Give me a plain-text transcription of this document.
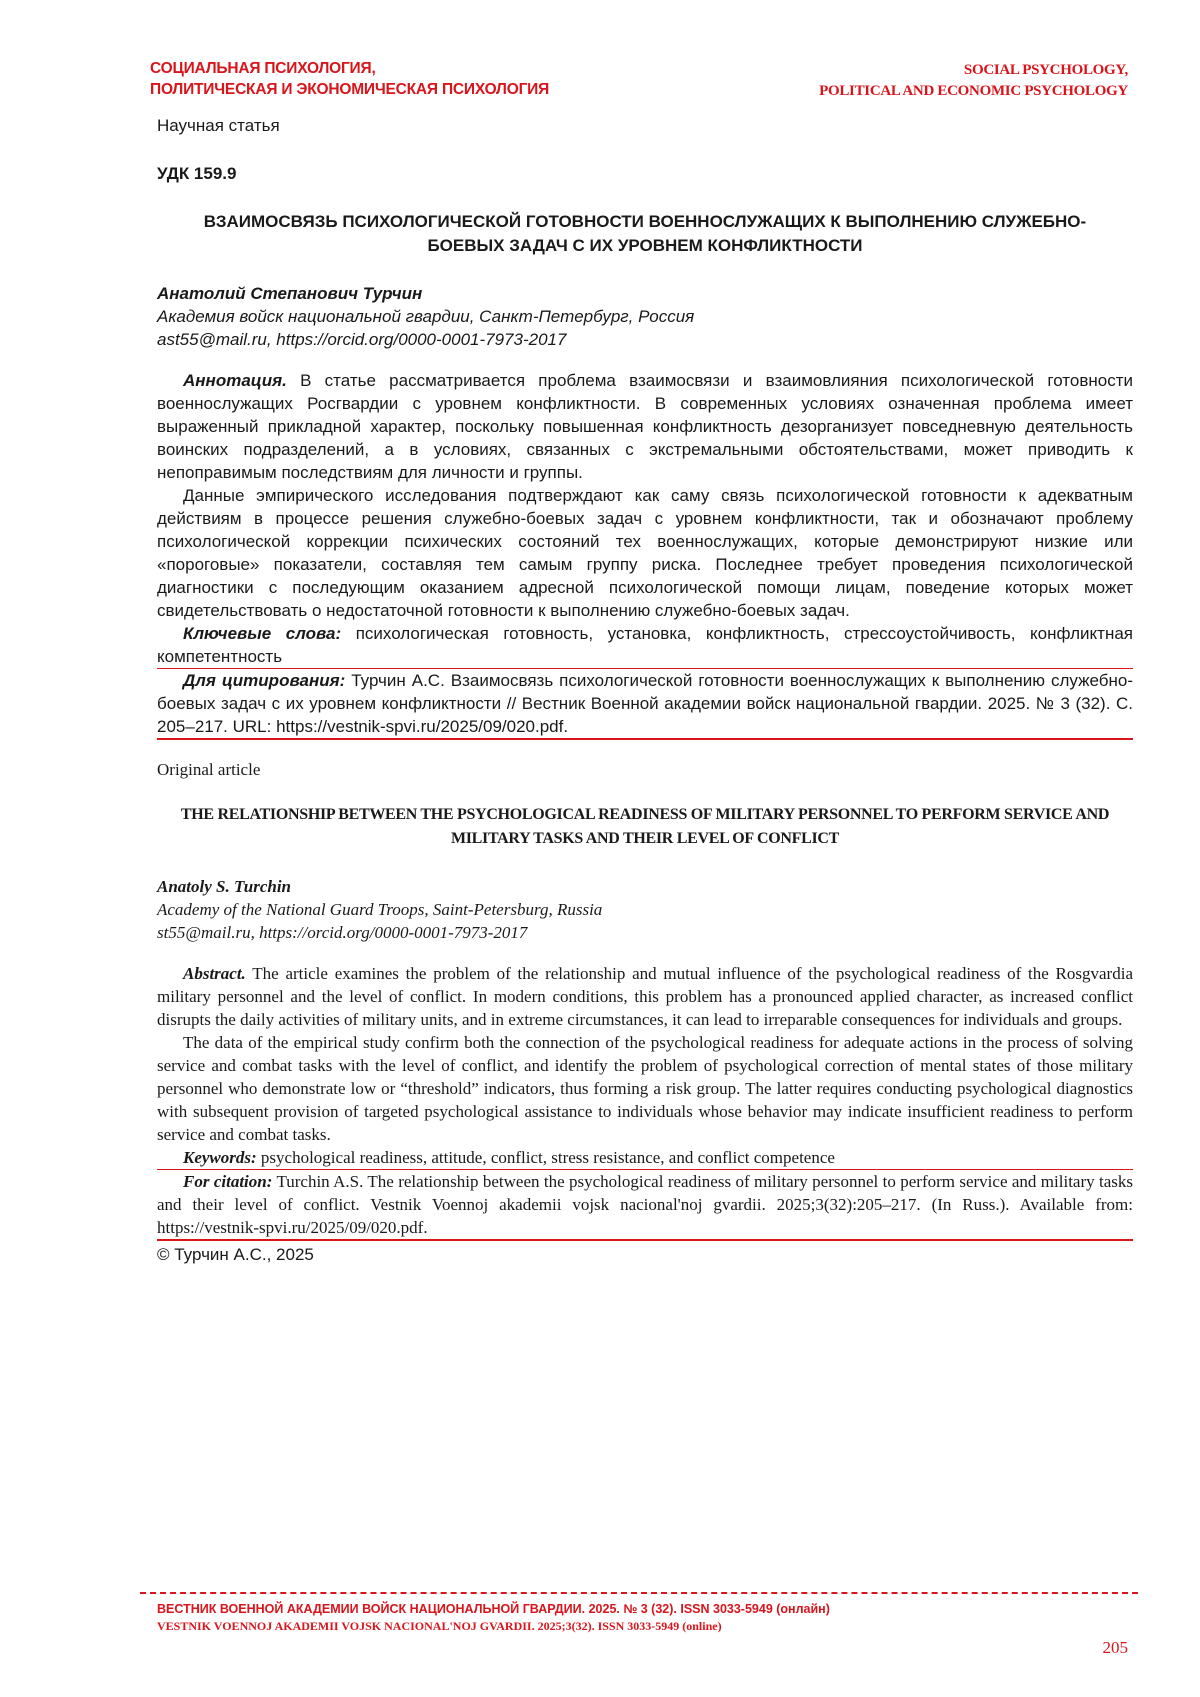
СОЦИАЛЬНАЯ ПСИХОЛОГИЯ,
ПОЛИТИЧЕСКАЯ И ЭКОНОМИЧЕСКАЯ ПСИХОЛОГИЯ
SOCIAL PSYCHOLOGY,
POLITICAL AND ECONOMIC PSYCHOLOGY

Научная статья

УДК 159.9

ВЗАИМОСВЯЗЬ ПСИХОЛОГИЧЕСКОЙ ГОТОВНОСТИ ВОЕННОСЛУЖАЩИХ К ВЫПОЛНЕНИЮ СЛУЖЕБНО-БОЕВЫХ ЗАДАЧ С ИХ УРОВНЕМ КОНФЛИКТНОСТИ

Анатолий Степанович Турчин

Академия войск национальной гвардии, Санкт-Петербург, Россия

ast55@mail.ru, https://orcid.org/0000-0001-7973-2017

Аннотация. В статье рассматривается проблема взаимосвязи и взаимовлияния психологической готовности военнослужащих Росгвардии с уровнем конфликтности. В современных условиях означенная проблема имеет выраженный прикладной характер, поскольку повышенная конфликтность дезорганизует повседневную деятельность воинских подразделений, а в условиях, связанных с экстремальными обстоятельствами, может приводить к непоправимым последствиям для личности и группы.

Данные эмпирического исследования подтверждают как саму связь психологической готовности к адекватным действиям в процессе решения служебно-боевых задач с уровнем конфликтности, так и обозначают проблему психологической коррекции психических состояний тех военнослужащих, которые демонстрируют низкие или «пороговые» показатели, составляя тем самым группу риска. Последнее требует проведения психологической диагностики с последующим оказанием адресной психологической помощи лицам, поведение которых может свидетельствовать о недостаточной готовности к выполнению служебно-боевых задач.

Ключевые слова: психологическая готовность, установка, конфликтность, стрессоустойчивость, конфликтная компетентность

Для цитирования: Турчин А.С. Взаимосвязь психологической готовности военнослужащих к выполнению служебно-боевых задач с их уровнем конфликтности // Вестник Военной академии войск национальной гвардии. 2025. № 3 (32). С. 205–217. URL: https://vestnik-spvi.ru/2025/09/020.pdf.

Original article

THE RELATIONSHIP BETWEEN THE PSYCHOLOGICAL READINESS OF MILITARY PERSONNEL TO PERFORM SERVICE AND MILITARY TASKS AND THEIR LEVEL OF CONFLICT

Anatoly S. Turchin

Academy of the National Guard Troops, Saint-Petersburg, Russia

st55@mail.ru, https://orcid.org/0000-0001-7973-2017

Abstract. The article examines the problem of the relationship and mutual influence of the psychological readiness of the Rosgvardia military personnel and the level of conflict. In modern conditions, this problem has a pronounced applied character, as increased conflict disrupts the daily activities of military units, and in extreme circumstances, it can lead to irreparable consequences for individuals and groups.

The data of the empirical study confirm both the connection of the psychological readiness for adequate actions in the process of solving service and combat tasks with the level of conflict, and identify the problem of psychological correction of mental states of those military personnel who demonstrate low or “threshold” indicators, thus forming a risk group. The latter requires conducting psychological diagnostics with subsequent provision of targeted psychological assistance to individuals whose behavior may indicate insufficient readiness to perform service and combat tasks.

Keywords: psychological readiness, attitude, conflict, stress resistance, and conflict competence

For citation: Turchin A.S. The relationship between the psychological readiness of military personnel to perform service and military tasks and their level of conflict. Vestnik Voennoj akademii vojsk nacional'noj gvardii. 2025;3(32):205–217. (In Russ.). Available from: https://vestnik-spvi.ru/2025/09/020.pdf.

© Турчин А.С., 2025

ВЕСТНИК ВОЕННОЙ АКАДЕМИИ ВОЙСК НАЦИОНАЛЬНОЙ ГВАРДИИ. 2025. № 3 (32). ISSN 3033-5949 (онлайн)
VESTNIK VOENNOJ AKADEMII VOJSK NACIONAL'NOJ GVARDII. 2025;3(32). ISSN 3033-5949 (online)
205
